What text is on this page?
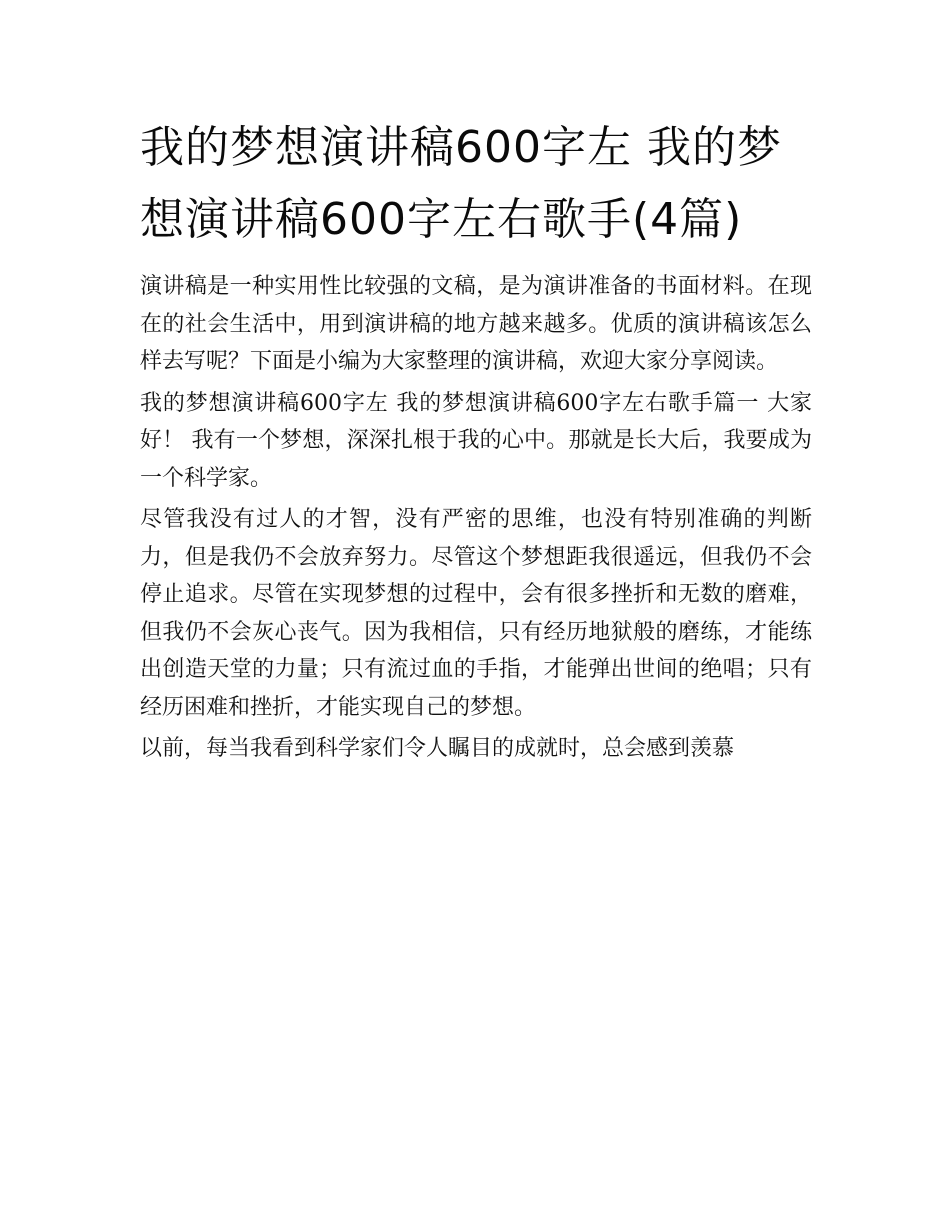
我的梦想演讲稿600字左 我的梦想演讲稿600字左右歌手(4篇)

演讲稿是一种实用性比较强的文稿，是为演讲准备的书面材料。在现在的社会生活中，用到演讲稿的地方越来越多。优质的演讲稿该怎么样去写呢？下面是小编为大家整理的演讲稿，欢迎大家分享阅读。

我的梦想演讲稿600字左 我的梦想演讲稿600字左右歌手篇一 大家好！ 我有一个梦想，深深扎根于我的心中。那就是长大后，我要成为一个科学家。

尽管我没有过人的才智，没有严密的思维，也没有特别准确的判断力，但是我仍不会放弃努力。尽管这个梦想距我很遥远，但我仍不会停止追求。尽管在实现梦想的过程中，会有很多挫折和无数的磨难，但我仍不会灰心丧气。因为我相信，只有经历地狱般的磨练，才能练出创造天堂的力量；只有流过血的手指，才能弹出世间的绝唱；只有经历困难和挫折，才能实现自己的梦想。

以前，每当我看到科学家们令人瞩目的成就时，总会感到羡慕
